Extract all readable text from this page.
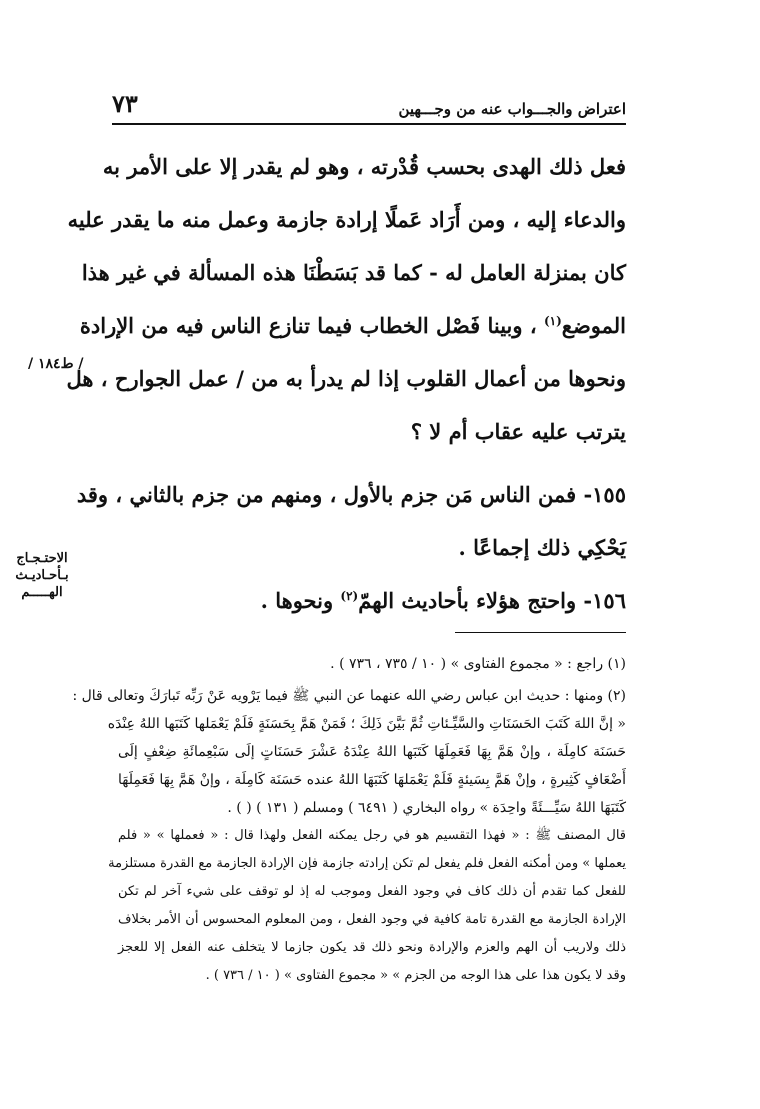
اعتراض والجـــواب عنه من وجـــهين
٧٣
فعل ذلك الهدى بحسب قُدْرته ، وهو لم يقدر إلا على الأمر به
والدعاء إليه ، ومن أَرَاد عَملًا إرادة جازمة وعمل منه ما يقدر عليه
كان بمنزلة العامل له - كما قد بَسَطْنَا هذه المسألة في غير هذا
الموضع$^{(١)}$ ، وبينا فَصْل الخطاب فيما تنازع الناس فيه من الإرادة
ونحوها من أعمال القلوب إذا لم يدرأ به من / عمل الجوارح ، هل
يترتب عليه عقاب أم لا ؟
١٥٥- فمن الناس مَن جزم بالأول ، ومنهم من جزم بالثاني ، وقد
يَحْكِي ذلك إجماعًا .
١٥٦- واحتج هؤلاء بأحاديث الهمّ$^{(٢)}$ ونحوها .
/ ط١٨٤ /
الاحتـجـاج
بـأحـاديـث
الهـــــم
(١) راجع : « مجموع الفتاوى » ( ١٠ / ٧٣٥ ، ٧٣٦ ) .
(٢) ومنها : حديث ابن عباس رضي الله عنهما عن النبي ﷺ فيما يَرْويه عَنْ رَبِّه تَبارَكَ وتعالى قال :
« إنَّ اللهَ كَتَبَ الحَسَنَاتِ والسَّيِّـئاتِ ثُمَّ بَيَّنَ ذَلِكَ ؛ فَمَنْ هَمَّ بِحَسَنَةٍ فَلَمْ يَعْمَلها كَتَبَها اللهُ عِنْدَه
حَسَنَة كامِلَة ، وإنْ هَمَّ بِهَا فَعَمِلَهَا كَتَبَها اللهُ عِنْدَهُ عَشْرَ حَسَنَاتٍ إلَى سَبْعِمائَةِ ضِعْفٍ إلَى
أَضْعَافٍ كَثِيرةٍ ، وإنْ هَمَّ بِسَيئةٍ فَلَمْ يَعْمَلهَا كَتَبَهَا اللهُ عنده حَسَنَة كَامِلَة ، وإنْ هَمَّ بِهَا فَعَمِلَهَا
كَتَبَهَا اللهُ سَيِّـــئَةً واحِدَة » رواه البخاري ( ٦٤٩١ ) ومسلم ( ١٣١ ) ( ) .
قال المصنف ﷺ : « فهذا التقسيم هو في رجل يمكنه الفعل ولهذا قال : « فعملها » « فلم
يعملها » ومن أمكنه الفعل فلم يفعل لم تكن إرادته جازمة فإن الإرادة الجازمة مع القدرة مستلزمة
للفعل كما تقدم أن ذلك كاف في وجود الفعل وموجب له إذ لو توقف على شيء آخر لم تكن
الإرادة الجازمة مع القدرة تامة كافية في وجود الفعل ، ومن المعلوم المحسوس أن الأمر بخلاف
ذلك ولاريب أن الهم والعزم والإرادة ونحو ذلك قد يكون جازما لا يتخلف عنه الفعل إلا للعجز
وقد لا يكون هذا على هذا الوجه من الجزم » « مجموع الفتاوى » ( ١٠ / ٧٣٦ ) .
